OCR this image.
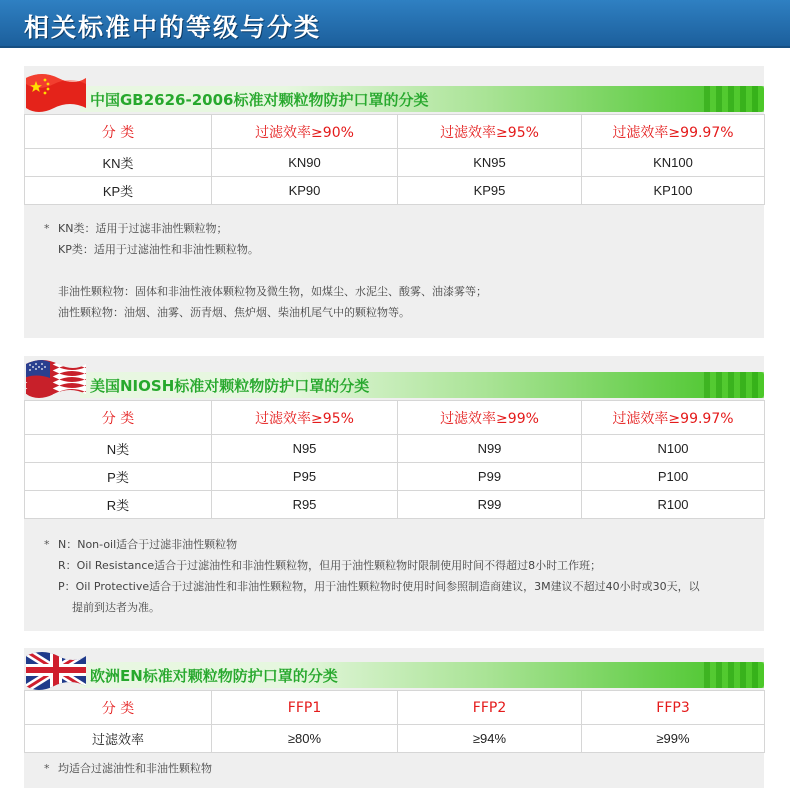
相关标准中的等级与分类
中国GB2626-2006标准对颗粒物防护口罩的分类
分 类	过滤效率≥90%	过滤效率≥95%	过滤效率≥99.97%
KN类	KN90	KN95	KN100
KP类	KP90	KP95	KP100
* KN类：适用于过滤非油性颗粒物；
KP类：适用于过滤油性和非油性颗粒物。
非油性颗粒物：固体和非油性液体颗粒物及微生物，如煤尘、水泥尘、酸雾、油漆雾等；
油性颗粒物：油烟、油雾、沥青烟、焦炉烟、柴油机尾气中的颗粒物等。
美国NIOSH标准对颗粒物防护口罩的分类
分 类	过滤效率≥95%	过滤效率≥99%	过滤效率≥99.97%
N类	N95	N99	N100
P类	P95	P99	P100
R类	R95	R99	R100
* N：Non-oil适合于过滤非油性颗粒物
R：Oil Resistance适合于过滤油性和非油性颗粒物，但用于油性颗粒物时限制使用时间不得超过8小时工作班；
P：Oil Protective适合于过滤油性和非油性颗粒物，用于油性颗粒物时使用时间参照制造商建议，3M建议不超过40小时或30天，以
提前到达者为准。
欧洲EN标准对颗粒物防护口罩的分类
分 类	FFP1	FFP2	FFP3
过滤效率	≥80%	≥94%	≥99%
* 均适合过滤油性和非油性颗粒物
